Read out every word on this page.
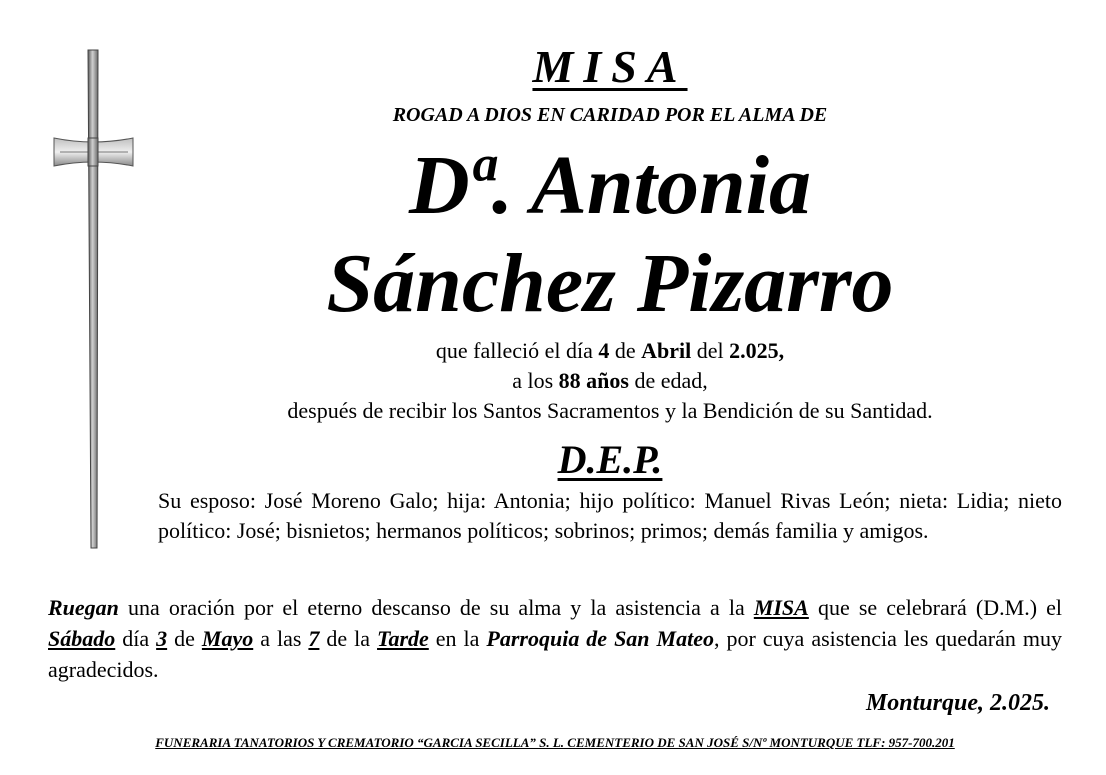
MISA
ROGAD A DIOS EN CARIDAD POR EL ALMA DE
Dª. Antonia
Sánchez Pizarro
que falleció el día 4 de Abril del 2.025,
a los 88 años de edad,
después de recibir los Santos Sacramentos y la Bendición de su Santidad.
D.E.P.
Su esposo: José Moreno Galo; hija: Antonia; hijo político: Manuel Rivas León; nieta: Lidia; nieto político: José; bisnietos; hermanos políticos; sobrinos; primos; demás familia y amigos.
Ruegan una oración por el eterno descanso de su alma y la asistencia a la MISA que se celebrará (D.M.) el Sábado día 3 de Mayo a las 7 de la Tarde en la Parroquia de San Mateo, por cuya asistencia les quedarán muy agradecidos.
Monturque, 2.025.
FUNERARIA TANATORIOS Y CREMATORIO “GARCIA SECILLA” S. L. CEMENTERIO DE SAN JOSÉ S/Nº MONTURQUE TLF: 957-700.201
